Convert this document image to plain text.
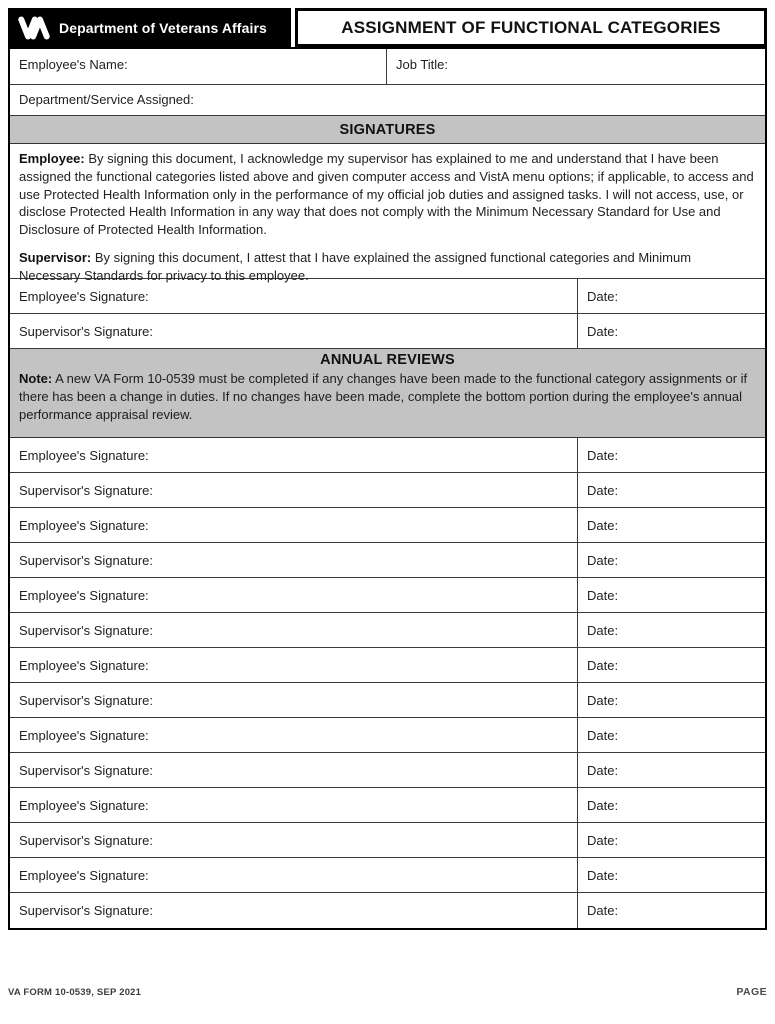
Department of Veterans Affairs	ASSIGNMENT OF FUNCTIONAL CATEGORIES
Employee's Name:	Job Title:
Department/Service Assigned:
SIGNATURES

Employee: By signing this document, I acknowledge my supervisor has explained to me and understand that I have been assigned the functional categories listed above and given computer access and VistA menu options; if applicable, to access and use Protected Health Information only in the performance of my official job duties and assigned tasks. I will not access, use, or disclose Protected Health Information in any way that does not comply with the Minimum Necessary Standard for Use and Disclosure of Protected Health Information.

Supervisor: By signing this document, I attest that I have explained the assigned functional categories and Minimum Necessary Standards for privacy to this employee.

Employee's Signature:	Date:
Supervisor's Signature:	Date:
ANNUAL REVIEWS
Note: A new VA Form 10-0539 must be completed if any changes have been made to the functional category assignments or if there has been a change in duties. If no changes have been made, complete the bottom portion during the employee's annual performance appraisal review.
Employee's Signature:	Date:
Supervisor's Signature:	Date:
Employee's Signature:	Date:
Supervisor's Signature:	Date:
Employee's Signature:	Date:
Supervisor's Signature:	Date:
Employee's Signature:	Date:
Supervisor's Signature:	Date:
Employee's Signature:	Date:
Supervisor's Signature:	Date:
Employee's Signature:	Date:
Supervisor's Signature:	Date:
Employee's Signature:	Date:
Supervisor's Signature:	Date:
VA FORM 10-0539, SEP 2021	PAGE
